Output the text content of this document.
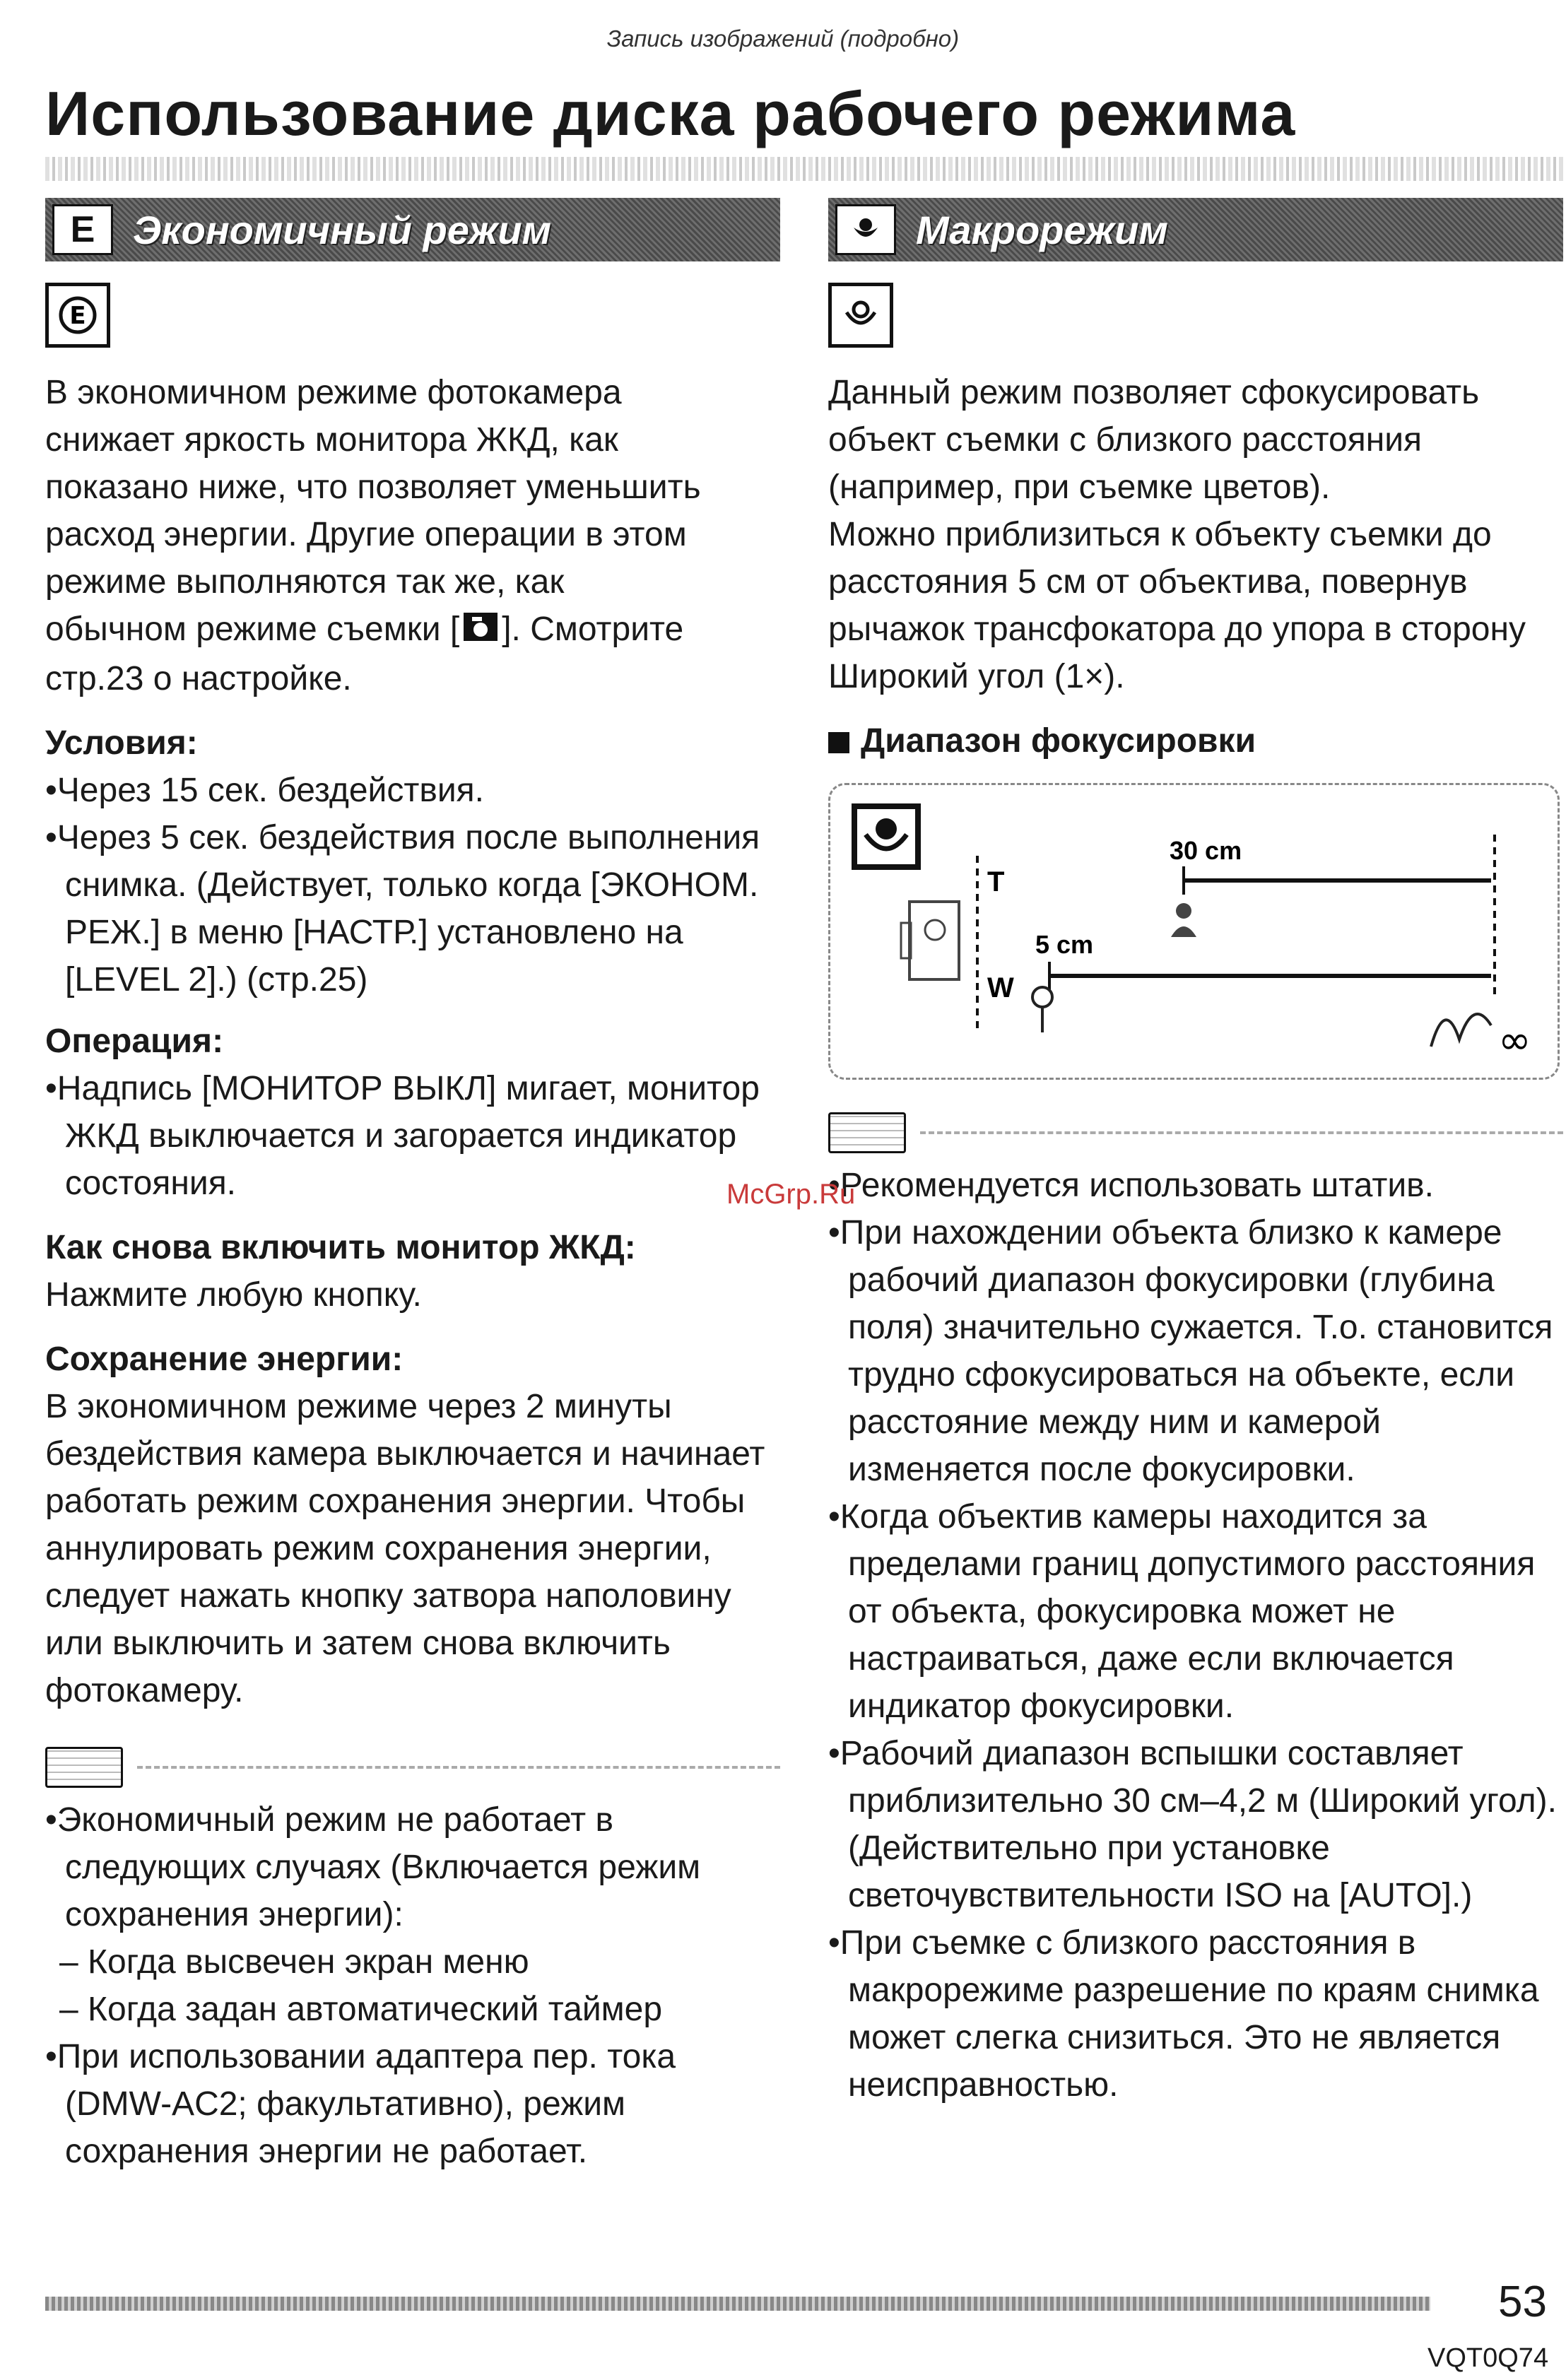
Запись изображений (подробно)
Использование диска рабочего режима
E Экономичный режим
E

В экономичном режиме фотокамера

снижает яркость монитора ЖКД, как

показано ниже, что позволяет уменьшить

расход энергии. Другие операции в этом

режиме выполняются так же, как

обычном режиме съемки [ ]. Смотрите стр.23 о настройке.

Условия:

•Через 15 сек. бездействия.

•Через 5 сек. бездействия после выполнения снимка. (Действует, только когда [ЭКОНОМ. РЕЖ.] в меню [НАСТР.] установлено на [LEVEL 2].) (стр.25)

Операция:

•Надпись [МОНИТОР ВЫКЛ] мигает, монитор ЖКД выключается и загорается индикатор состояния.

Как снова включить монитор ЖКД:

Нажмите любую кнопку.

Сохранение энергии:

В экономичном режиме через 2 минуты бездействия камера выключается и начинает работать режим сохранения энергии. Чтобы аннулировать режим сохранения энергии, следует нажать кнопку затвора наполовину или выключить и затем снова включить фотокамеру.

•Экономичный режим не работает в следующих случаях (Включается режим сохранения энергии):

– Когда высвечен экран меню

– Когда задан автоматический таймер

•При использовании адаптера пер. тока (DMW-AC2; факультативно), режим сохранения энергии не работает.

Макрорежим

Данный режим позволяет сфокусировать объект съемки с близкого расстояния (например, при съемке цветов).

Можно приблизиться к объекту съемки до расстояния 5 см от объектива, повернув рычажок трансфокатора до упора в сторону Широкий угол (1×).

Диапазон фокусировки

T
W
30 cm
5 cm
∞

•Рекомендуется использовать штатив.

•При нахождении объекта близко к камере рабочий диапазон фокусировки (глубина поля) значительно сужается. Т.о. становится трудно сфокусироваться на объекте, если расстояние между ним и камерой изменяется после фокусировки.

•Когда объектив камеры находится за пределами границ допустимого расстояния от объекта, фокусировка может не настраиваться, даже если включается индикатор фокусировки.

•Рабочий диапазон вспышки составляет приблизительно 30 см–4,2 м (Широкий угол). (Действительно при установке светочувствительности ISO на [AUTO].)

•При съемке с близкого расстояния в макрорежиме разрешение по краям снимка может слегка снизиться. Это не является неисправностью.

McGrp.Ru
53
VQT0Q74
